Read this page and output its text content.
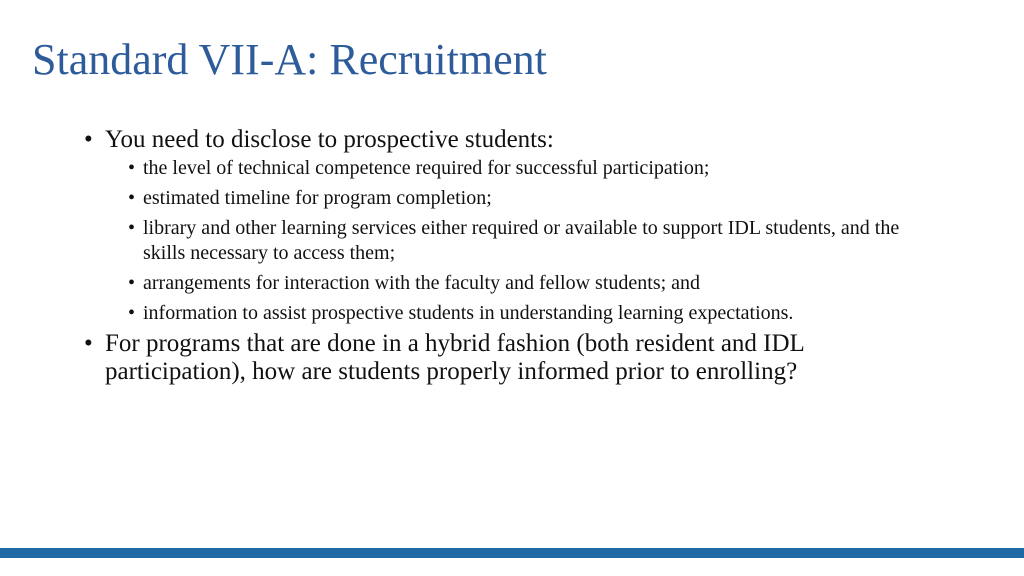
Standard VII-A: Recruitment
• You need to disclose to prospective students:
• the level of technical competence required for successful participation;
• estimated timeline for program completion;
• library and other learning services either required or available to support IDL students, and the skills necessary to access them;
• arrangements for interaction with the faculty and fellow students; and
• information to assist prospective students in understanding learning expectations.
• For programs that are done in a hybrid fashion (both resident and IDL participation), how are students properly informed prior to enrolling?
